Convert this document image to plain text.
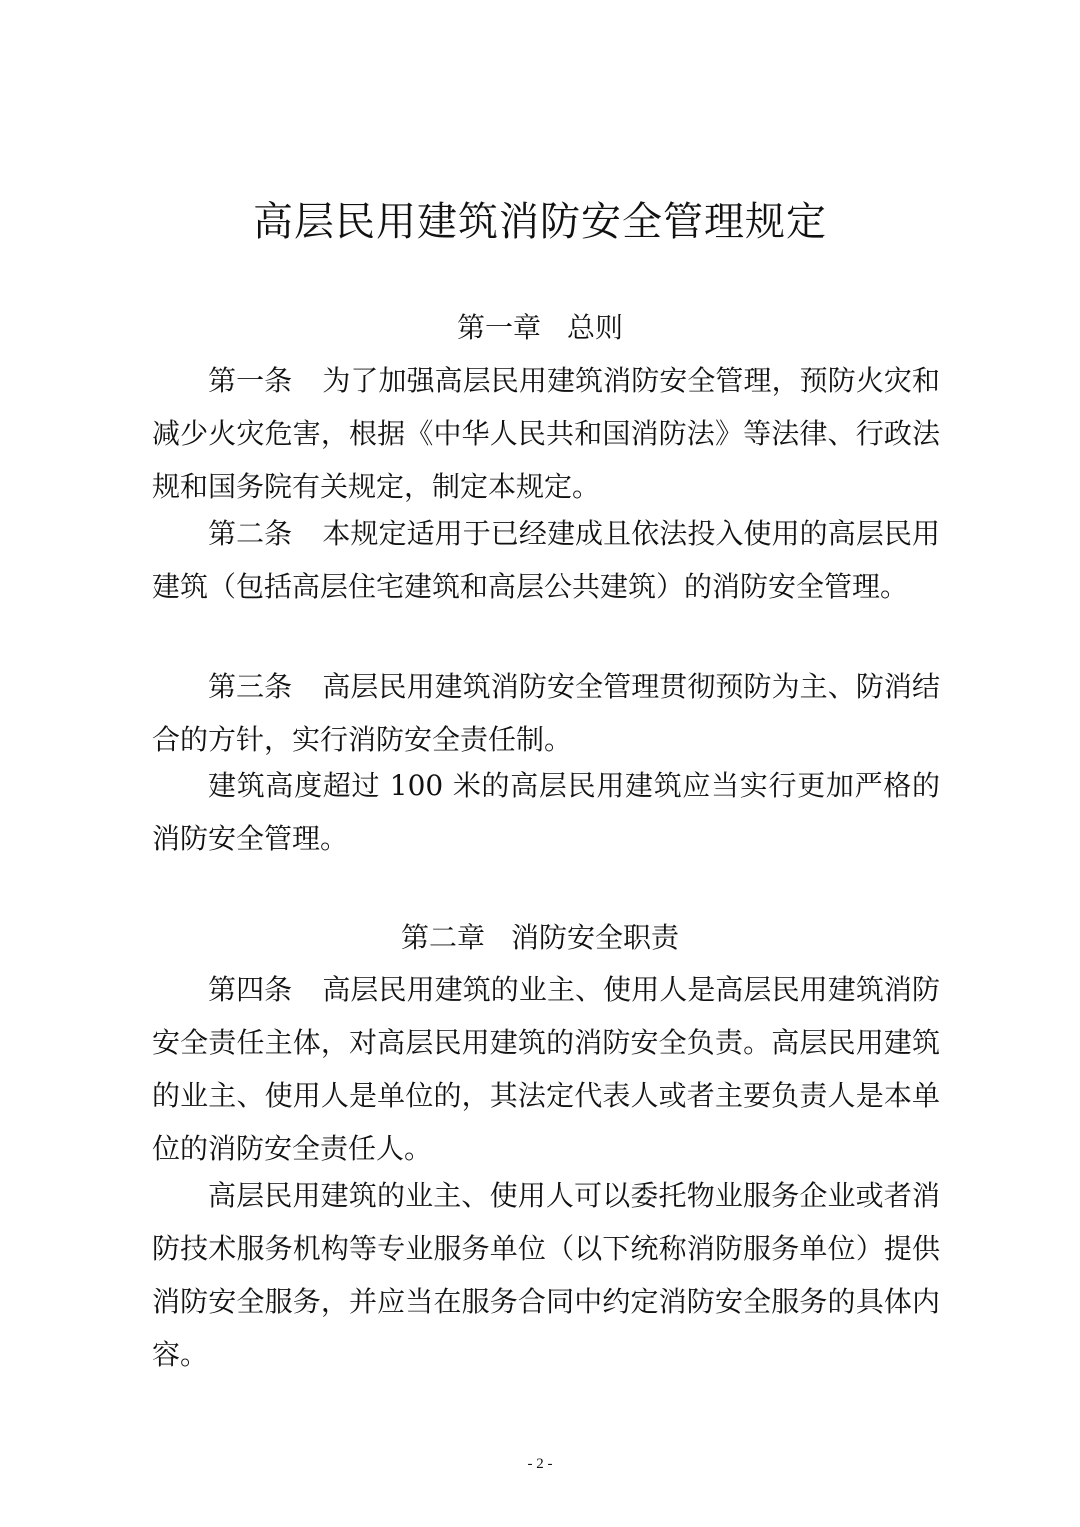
高层民用建筑消防安全管理规定
第一章 总则

第一条 为了加强高层民用建筑消防安全管理，预防火灾和减少火灾危害，根据《中华人民共和国消防法》等法律、行政法规和国务院有关规定，制定本规定。

第二条 本规定适用于已经建成且依法投入使用的高层民用建筑（包括高层住宅建筑和高层公共建筑）的消防安全管理。

第三条 高层民用建筑消防安全管理贯彻预防为主、防消结合的方针，实行消防安全责任制。

建筑高度超过 100 米的高层民用建筑应当实行更加严格的消防安全管理。

第二章 消防安全职责

第四条 高层民用建筑的业主、使用人是高层民用建筑消防安全责任主体，对高层民用建筑的消防安全负责。高层民用建筑的业主、使用人是单位的，其法定代表人或者主要负责人是本单位的消防安全责任人。

高层民用建筑的业主、使用人可以委托物业服务企业或者消防技术服务机构等专业服务单位（以下统称消防服务单位）提供消防安全服务，并应当在服务合同中约定消防安全服务的具体内容。

- 2 -
